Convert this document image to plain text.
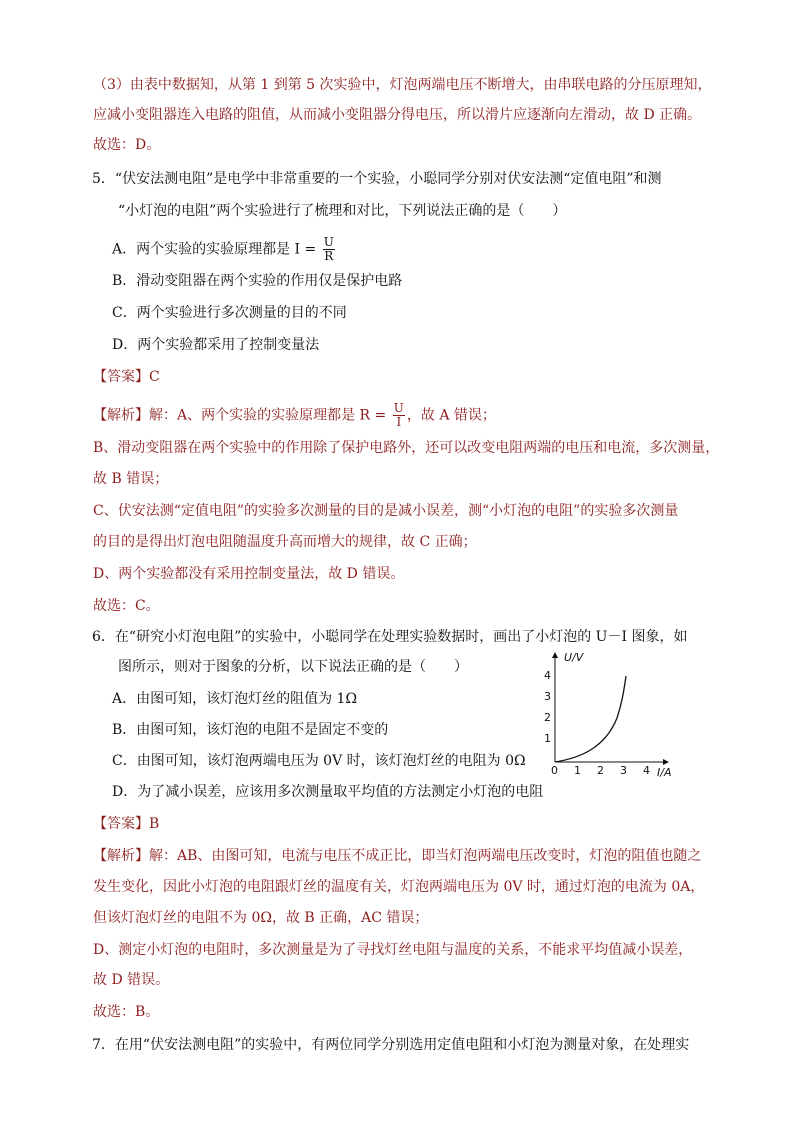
（3）由表中数据知，从第 1 到第 5 次实验中，灯泡两端电压不断增大，由串联电路的分压原理知，
应减小变阻器连入电路的阻值，从而减小变阻器分得电压，所以滑片应逐渐向左滑动，故 D 正确。
故选：D。
5．“伏安法测电阻”是电学中非常重要的一个实验，小聪同学分别对伏安法测“定值电阻”和测
“小灯泡的电阻”两个实验进行了梳理和对比，下列说法正确的是（　　）
A．两个实验的实验原理都是 $I = \frac{U}{R}$
B．滑动变阻器在两个实验的作用仅是保护电路
C．两个实验进行多次测量的目的不同
D．两个实验都采用了控制变量法
【答案】C
【解析】解：A、两个实验的实验原理都是 $R = \frac{U}{I}$ ，故 A 错误；
B、滑动变阻器在两个实验中的作用除了保护电路外，还可以改变电阻两端的电压和电流，多次测量，
故 B 错误；
C、伏安法测“定值电阻”的实验多次测量的目的是减小误差，测“小灯泡的电阻”的实验多次测量
的目的是得出灯泡电阻随温度升高而增大的规律，故 C 正确；
D、两个实验都没有采用控制变量法，故 D 错误。
故选：C。
6．在“研究小灯泡电阻”的实验中，小聪同学在处理实验数据时，画出了小灯泡的 U－I 图象，如
图所示，则对于图象的分析，以下说法正确的是（　　）
A．由图可知，该灯泡灯丝的阻值为 1Ω
B．由图可知，该灯泡的电阻不是固定不变的
C．由图可知，该灯泡两端电压为 0V 时，该灯泡灯丝的电阻为 0Ω
D．为了减小误差，应该用多次测量取平均值的方法测定小灯泡的电阻
U/V
I/A
0 1 2 3 4
1
2
3
4
【答案】B
【解析】解：AB、由图可知，电流与电压不成正比，即当灯泡两端电压改变时，灯泡的阻值也随之
发生变化，因此小灯泡的电阻跟灯丝的温度有关，灯泡两端电压为 0V 时，通过灯泡的电流为 0A，
但该灯泡灯丝的电阻不为 0Ω，故 B 正确，AC 错误；
D、测定小灯泡的电阻时，多次测量是为了寻找灯丝电阻与温度的关系，不能求平均值减小误差，
故 D 错误。
故选：B。
7．在用“伏安法测电阻”的实验中，有两位同学分别选用定值电阻和小灯泡为测量对象，在处理实
